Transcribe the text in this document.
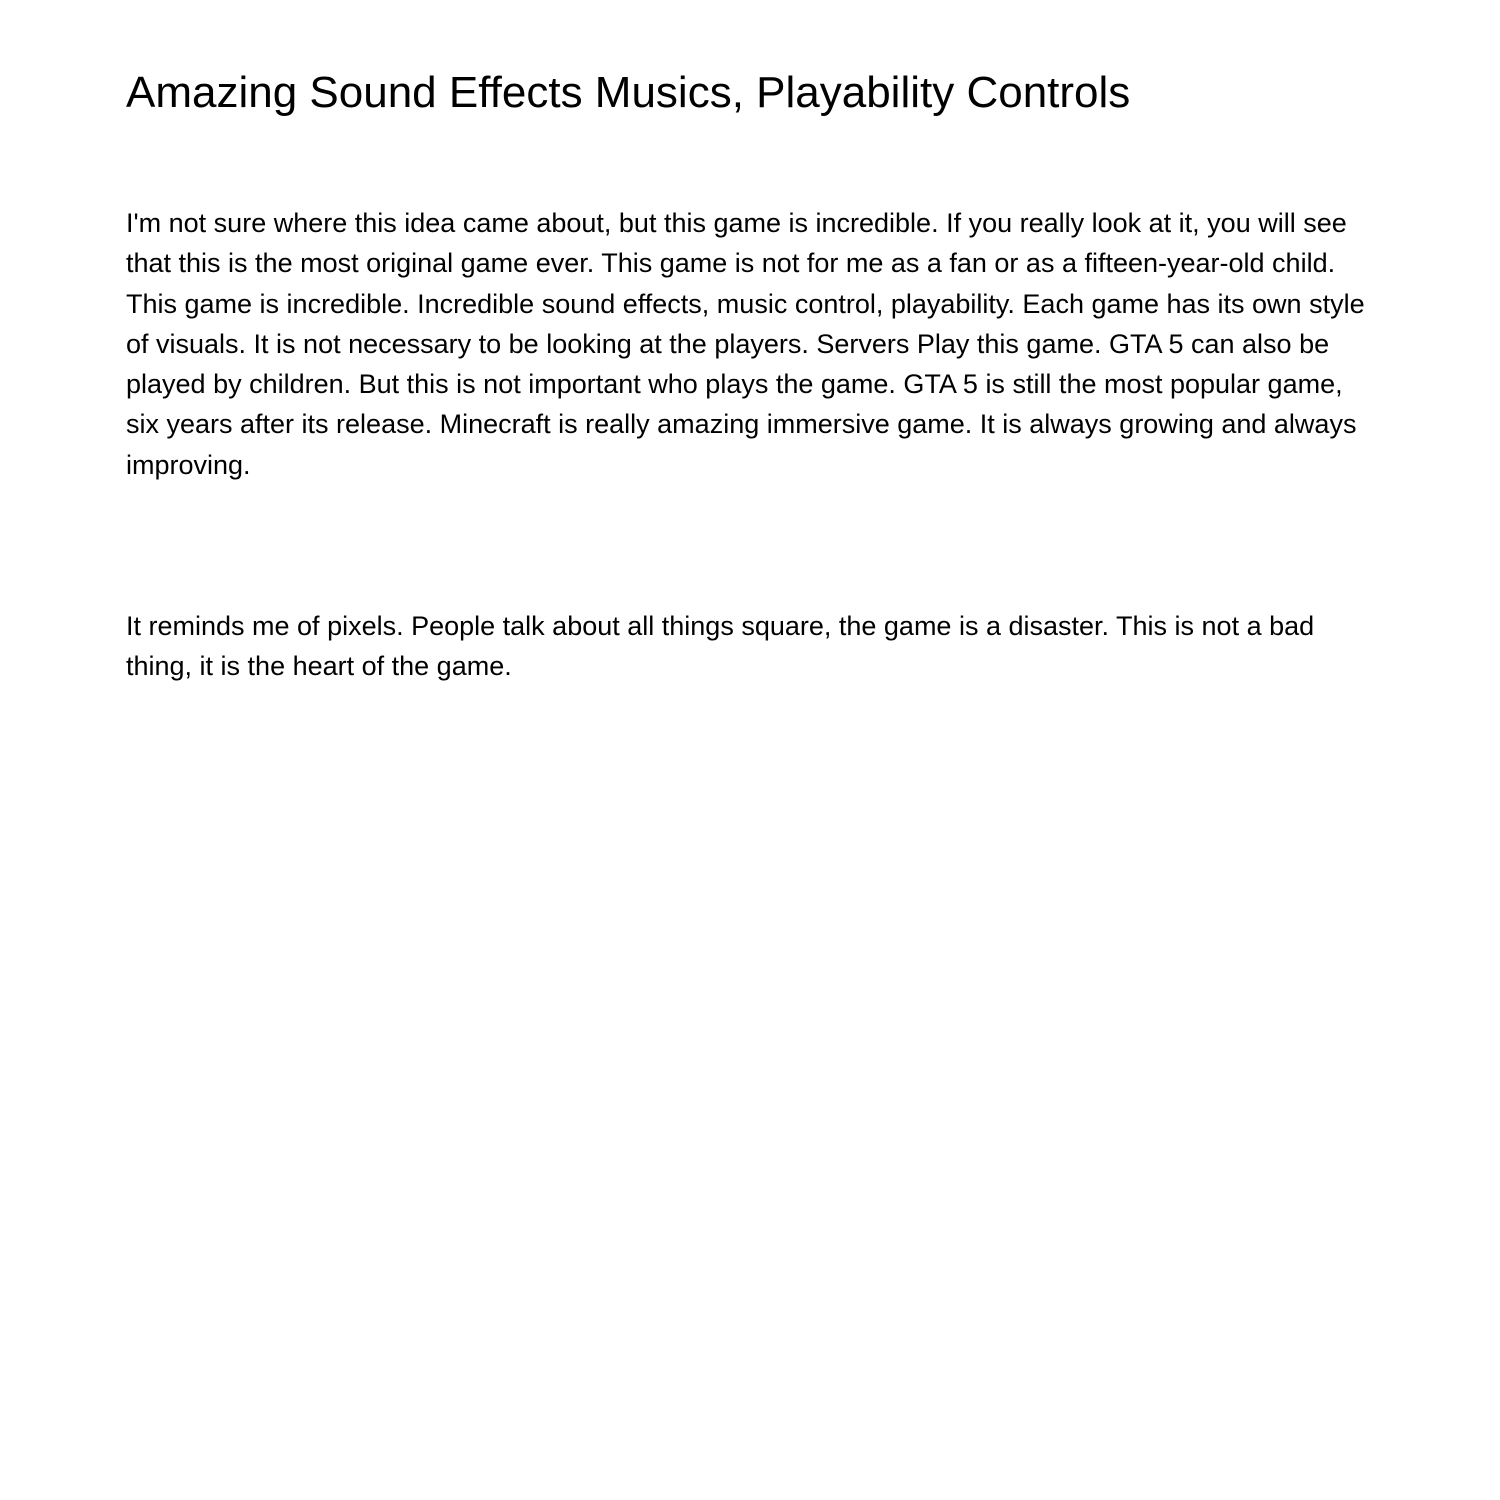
Amazing Sound Effects Musics, Playability Controls

I'm not sure where this idea came about, but this game is incredible. If you really look at it, you will see that this is the most original game ever. This game is not for me as a fan or as a fifteen-year-old child. This game is incredible. Incredible sound effects, music control, playability. Each game has its own style of visuals. It is not necessary to be looking at the players. Servers Play this game. GTA 5 can also be played by children. But this is not important who plays the game. GTA 5 is still the most popular game, six years after its release. Minecraft is really amazing immersive game. It is always growing and always improving.

It reminds me of pixels. People talk about all things square, the game is a disaster. This is not a bad thing, it is the heart of the game.
